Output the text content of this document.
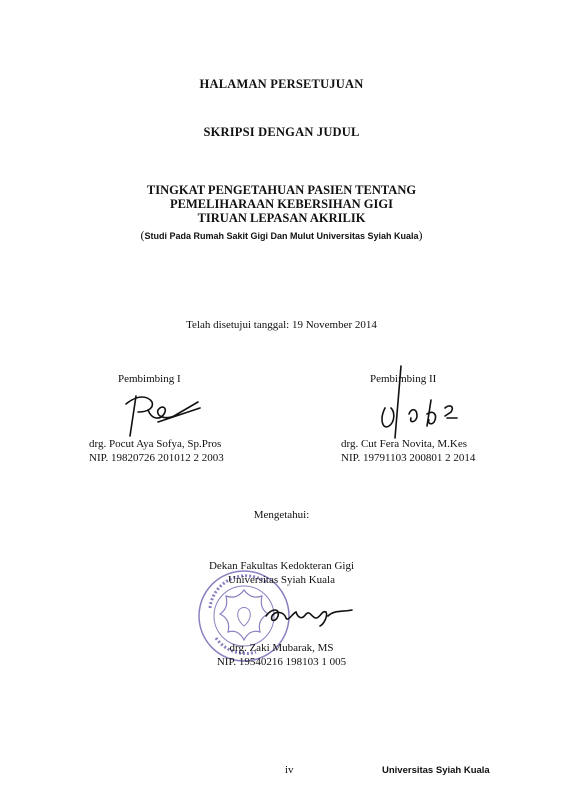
HALAMAN PERSETUJUAN
SKRIPSI DENGAN JUDUL
TINGKAT PENGETAHUAN PASIEN TENTANG
PEMELIHARAAN KEBERSIHAN GIGI
TIRUAN LEPASAN AKRILIK
(Studi Pada Rumah Sakit Gigi Dan Mulut Universitas Syiah Kuala)
Telah disetujui tanggal: 19 November 2014
Pembimbing I
drg. Pocut Aya Sofya, Sp.Pros
NIP. 19820726 201012 2 2003
Pembimbing II
drg. Cut Fera Novita, M.Kes
NIP. 19791103 200801 2 2014
Mengetahui:
Dekan Fakultas Kedokteran Gigi
Universitas Syiah Kuala
drg. Zaki Mubarak, MS
NIP. 19540216 198103 1 005
iv	Universitas Syiah Kuala
